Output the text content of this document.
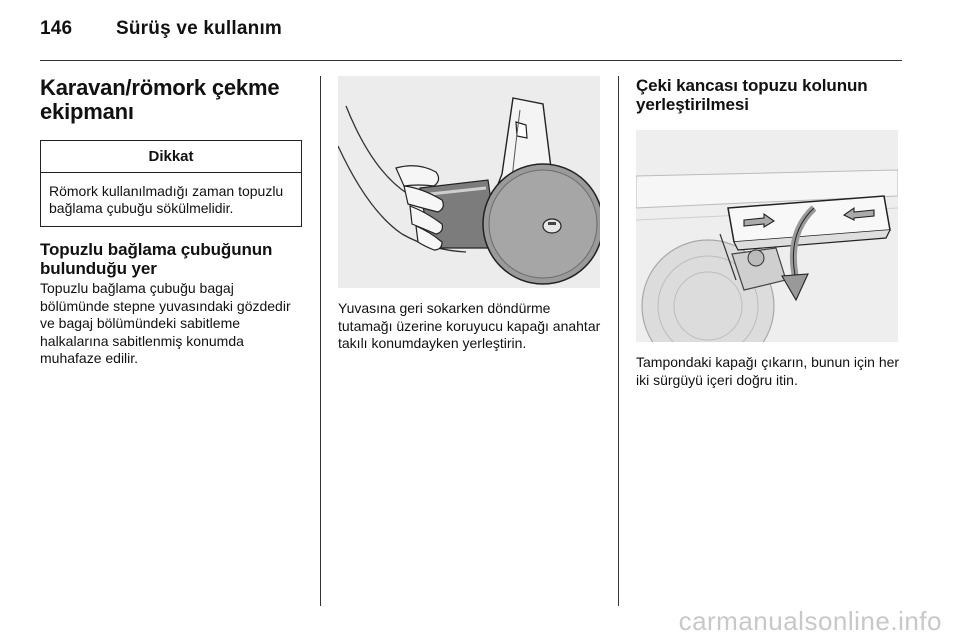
146 Sürüş ve kullanım
Karavan/römork çekme ekipmanı
Dikkat
Römork kullanılmadığı zaman topuzlu bağlama çubuğu sökülmelidir.
Topuzlu bağlama çubuğunun bulunduğu yer

Topuzlu bağlama çubuğu bagaj bölümünde stepne yuvasındaki gözdedir ve bagaj bölümündeki sabitleme halkalarına sabitlenmiş konumda muhafaze edilir.

Yuvasına geri sokarken döndürme tutamağı üzerine koruyucu kapağı anahtar takılı konumdayken yerleştirin.

Çeki kancası topuzu kolunun yerleştirilmesi

Tampondaki kapağı çıkarın, bunun için her iki sürgüyü içeri doğru itin.

carmanualsonline.info
